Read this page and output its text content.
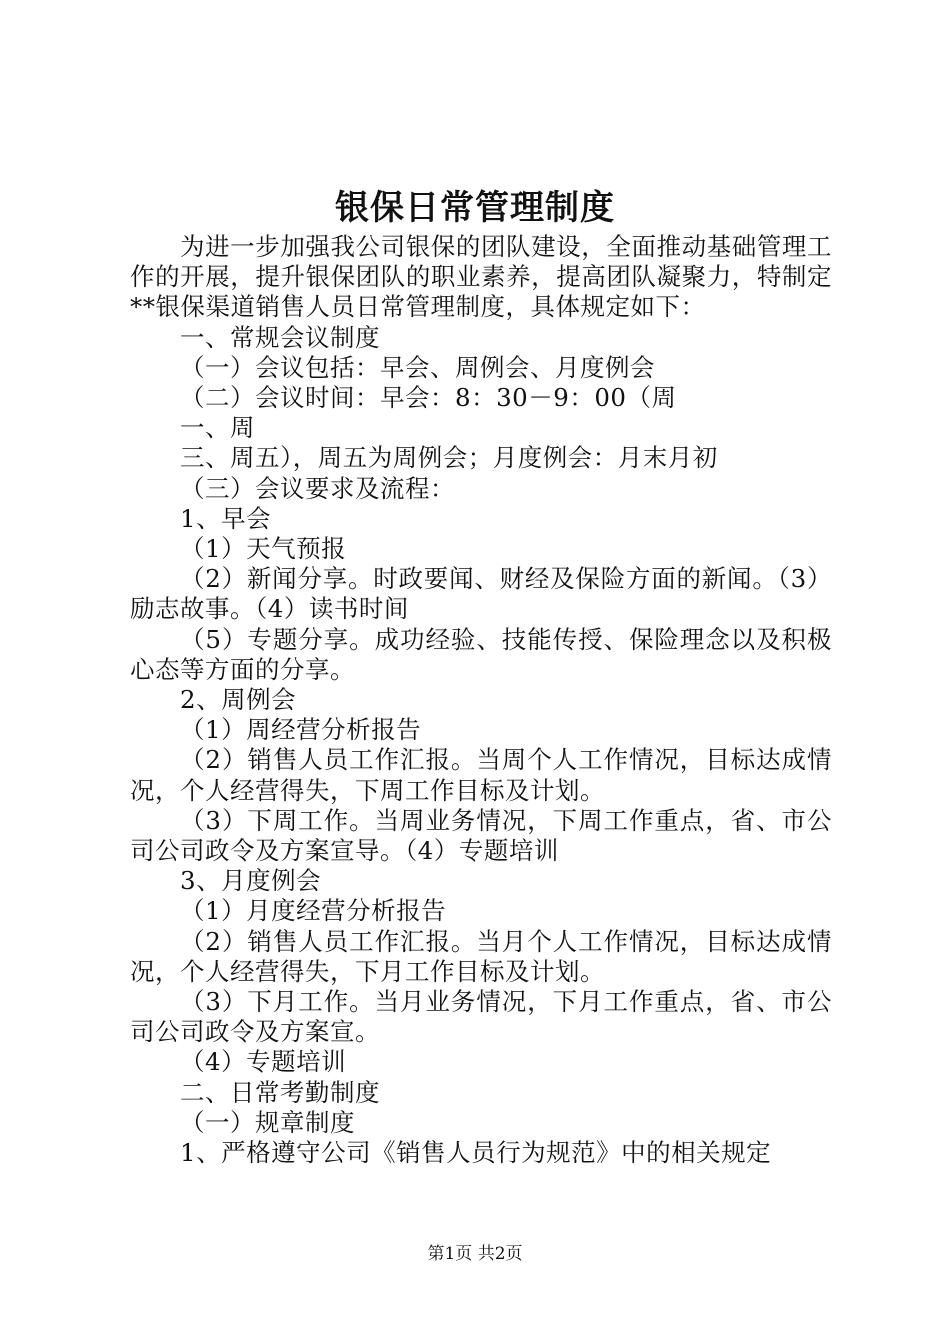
银保日常管理制度

为进一步加强我公司银保的团队建设，全面推动基础管理工作的开展，提升银保团队的职业素养，提高团队凝聚力，特制定**银保渠道销售人员日常管理制度，具体规定如下：

一、常规会议制度

（一）会议包括：早会、周例会、月度例会

（二）会议时间：早会：8：30－9：00（周

一、周

三、周五），周五为周例会；月度例会：月末月初

（三）会议要求及流程：

1、早会

（1）天气预报

（2）新闻分享。时政要闻、财经及保险方面的新闻。（3）励志故事。（4）读书时间

（5）专题分享。成功经验、技能传授、保险理念以及积极心态等方面的分享。

2、周例会

（1）周经营分析报告

（2）销售人员工作汇报。当周个人工作情况，目标达成情况，个人经营得失，下周工作目标及计划。

（3）下周工作。当周业务情况，下周工作重点，省、市公司公司政令及方案宣导。（4）专题培训

3、月度例会

（1）月度经营分析报告

（2）销售人员工作汇报。当月个人工作情况，目标达成情况，个人经营得失，下月工作目标及计划。

（3）下月工作。当月业务情况，下月工作重点，省、市公司公司政令及方案宣。

（4）专题培训

二、日常考勤制度

（一）规章制度

1、严格遵守公司《销售人员行为规范》中的相关规定

第1页 共2页
